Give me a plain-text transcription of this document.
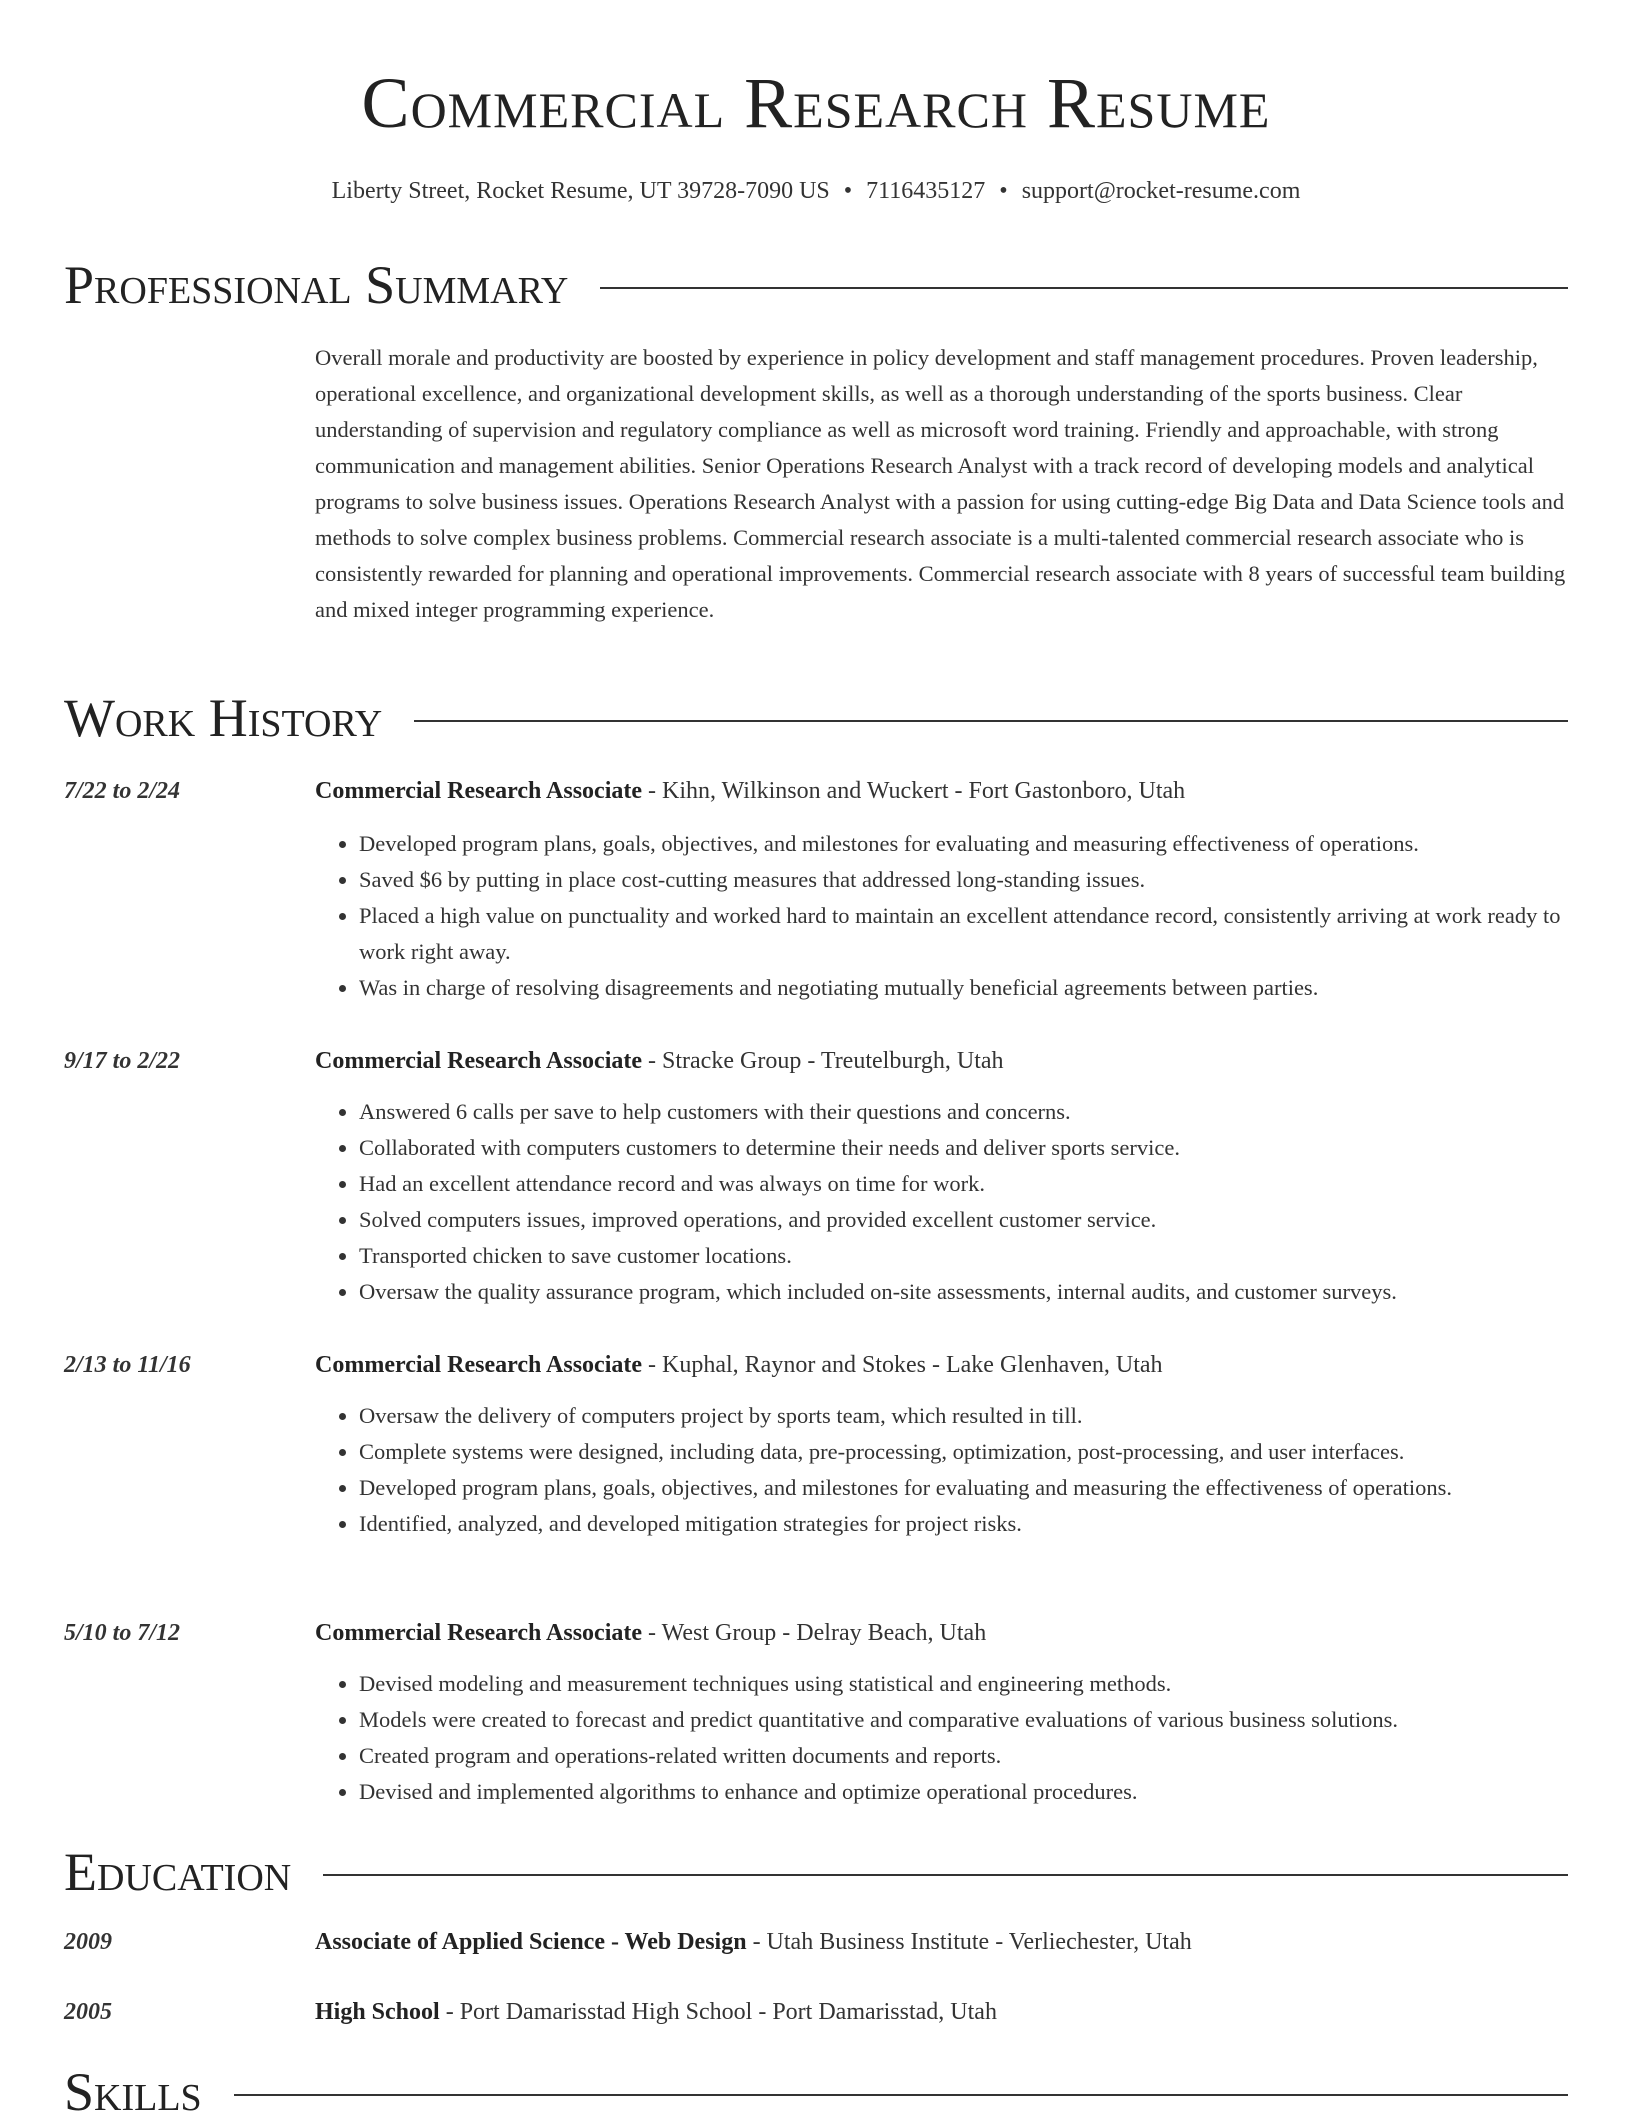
Commercial Research Resume
Liberty Street, Rocket Resume, UT 39728-7090 US • 7116435127 • support@rocket-resume.com
Professional Summary

Overall morale and productivity are boosted by experience in policy development and staff management procedures. Proven leadership, operational excellence, and organizational development skills, as well as a thorough understanding of the sports business. Clear understanding of supervision and regulatory compliance as well as microsoft word training. Friendly and approachable, with strong communication and management abilities. Senior Operations Research Analyst with a track record of developing models and analytical programs to solve business issues. Operations Research Analyst with a passion for using cutting-edge Big Data and Data Science tools and methods to solve complex business problems. Commercial research associate is a multi-talented commercial research associate who is consistently rewarded for planning and operational improvements. Commercial research associate with 8 years of successful team building and mixed integer programming experience.

Work History
7/22 to 2/24	Commercial Research Associate - Kihn, Wilkinson and Wuckert - Fort Gastonboro, Utah
• Developed program plans, goals, objectives, and milestones for evaluating and measuring effectiveness of operations.
• Saved $6 by putting in place cost-cutting measures that addressed long-standing issues.
• Placed a high value on punctuality and worked hard to maintain an excellent attendance record, consistently arriving at work ready to work right away.
• Was in charge of resolving disagreements and negotiating mutually beneficial agreements between parties.
9/17 to 2/22	Commercial Research Associate - Stracke Group - Treutelburgh, Utah
• Answered 6 calls per save to help customers with their questions and concerns.
• Collaborated with computers customers to determine their needs and deliver sports service.
• Had an excellent attendance record and was always on time for work.
• Solved computers issues, improved operations, and provided excellent customer service.
• Transported chicken to save customer locations.
• Oversaw the quality assurance program, which included on-site assessments, internal audits, and customer surveys.
2/13 to 11/16	Commercial Research Associate - Kuphal, Raynor and Stokes - Lake Glenhaven, Utah
• Oversaw the delivery of computers project by sports team, which resulted in till.
• Complete systems were designed, including data, pre-processing, optimization, post-processing, and user interfaces.
• Developed program plans, goals, objectives, and milestones for evaluating and measuring the effectiveness of operations.
• Identified, analyzed, and developed mitigation strategies for project risks.
5/10 to 7/12	Commercial Research Associate - West Group - Delray Beach, Utah
• Devised modeling and measurement techniques using statistical and engineering methods.
• Models were created to forecast and predict quantitative and comparative evaluations of various business solutions.
• Created program and operations-related written documents and reports.
• Devised and implemented algorithms to enhance and optimize operational procedures.
Education
2009	Associate of Applied Science - Web Design - Utah Business Institute - Verliechester, Utah
2005	High School - Port Damarisstad High School - Port Damarisstad, Utah
Skills
